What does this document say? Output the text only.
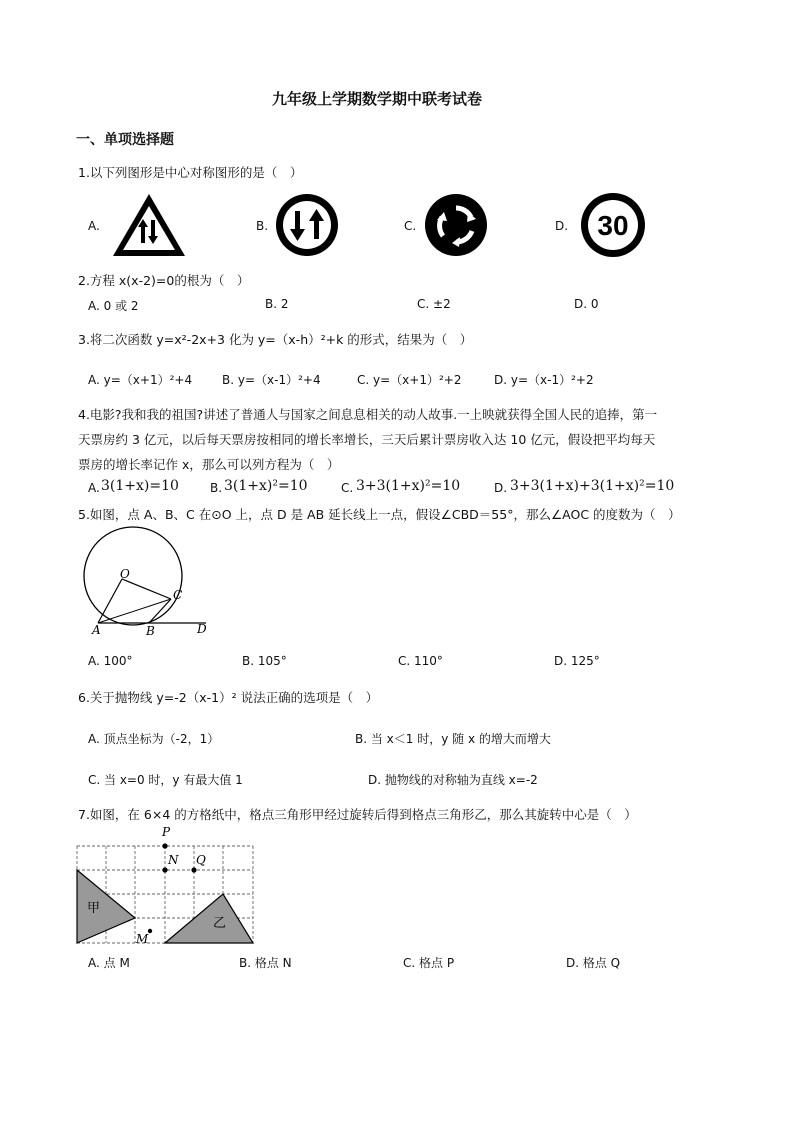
九年级上学期数学期中联考试卷
一、单项选择题
1.以下列图形是中心对称图形的是（　）
A.	B.	C.	D. 30
2.方程 x(x-2)=0的根为（　）
A. 0 或 2	B. 2	C. ±2	D. 0
3.将二次函数 y=x²-2x+3 化为 y=（x-h）²+k 的形式，结果为（　）
A. y=（x+1）²+4 B. y=（x-1）²+4	C. y=（x+1）²+2	D. y=（x-1）²+2
4.电影?我和我的祖国?讲述了普通人与国家之间息息相关的动人故事.一上映就获得全国人民的追捧，第一
天票房约 3 亿元，以后每天票房按相同的增长率增长，三天后累计票房收入达 10 亿元，假设把平均每天
票房的增长率记作 x，那么可以列方程为（　）
A. 3(1+x)=10	B. 3(1+x)²=10	C. 3+3(1+x)²=10	D. 3+3(1+x)+3(1+x)²=10
5.如图，点 A、B、C 在⊙O 上，点 D 是 AB 延长线上一点，假设∠CBD＝55°，那么∠AOC 的度数为（　）
O
A	B
C
D
A. 100°	B. 105°	C. 110°	D. 125°
6.关于抛物线 y=-2（x-1）² 说法正确的选项是（　）
A. 顶点坐标为（-2，1）	B. 当 x＜1 时，y 随 x 的增大而增大
C. 当 x=0 时，y 有最大值 1	D. 抛物线的对称轴为直线 x=-2
7.如图，在 6×4 的方格纸中，格点三角形甲经过旋转后得到格点三角形乙，那么其旋转中心是（　）
P
N Q
M
甲
乙
A. 点 M	B. 格点 N	C. 格点 P	D. 格点 Q
